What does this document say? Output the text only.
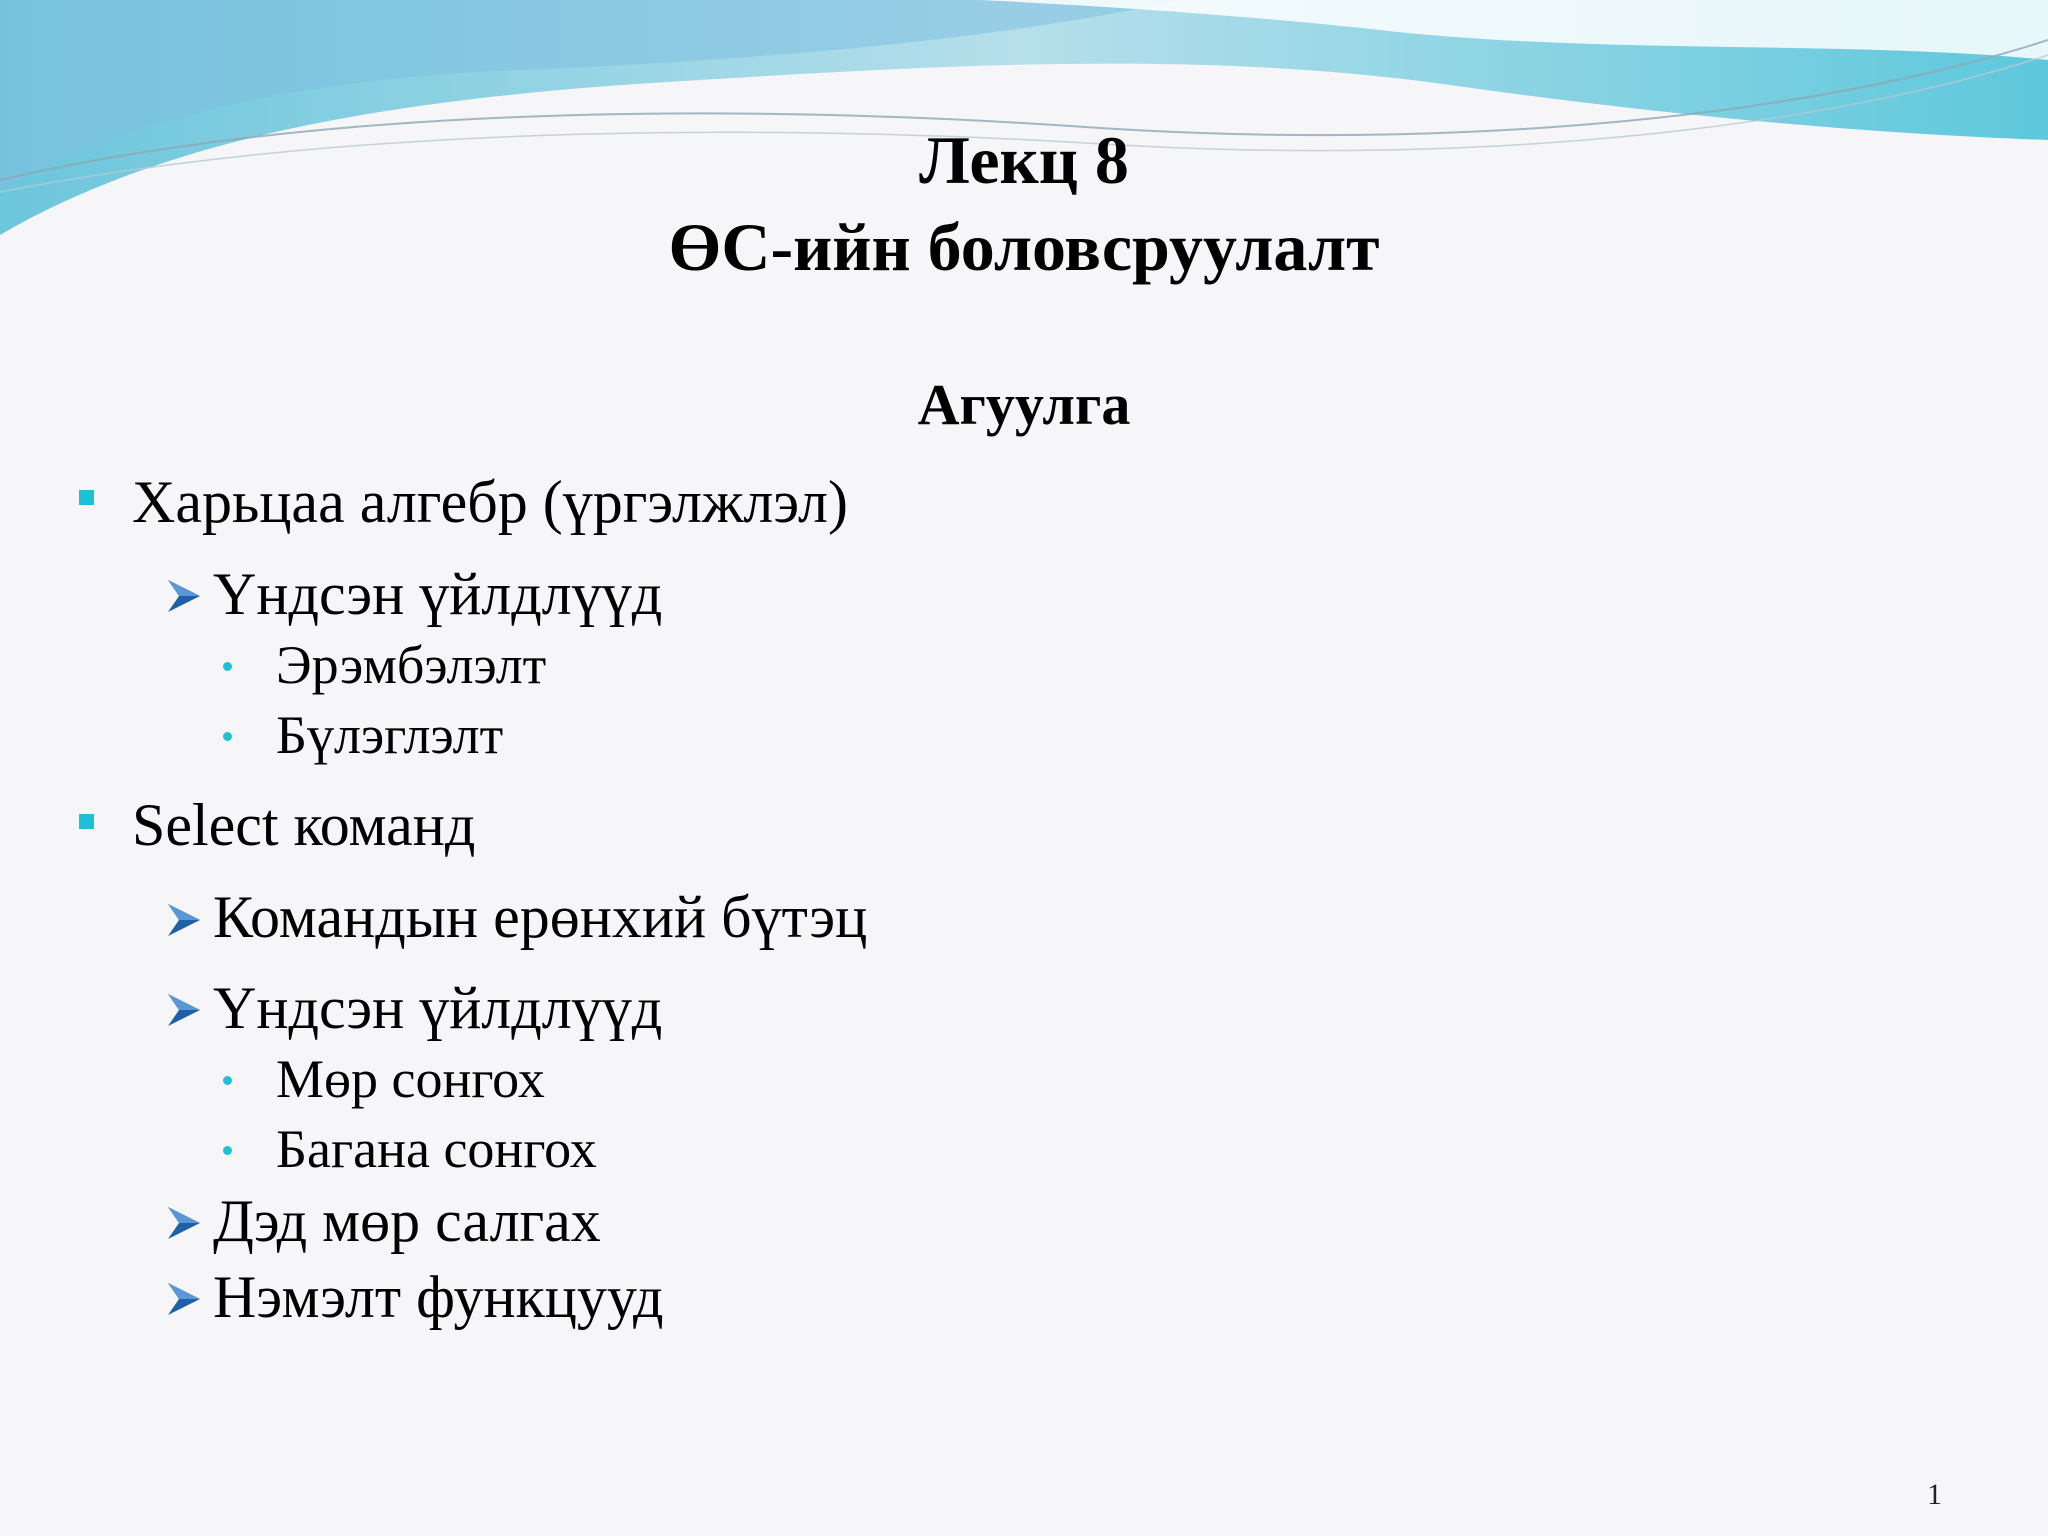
Лекц 8
ӨС-ийн боловсруулалт
Агуулга
Харьцаа алгебр (үргэлжлэл)
Үндсэн үйлдлүүд
Эрэмбэлэлт
Бүлэглэлт
Select команд
Командын ерөнхий бүтэц
Үндсэн үйлдлүүд
Мөр сонгох
Багана сонгох
Дэд мөр салгах
Нэмэлт функцууд
1
